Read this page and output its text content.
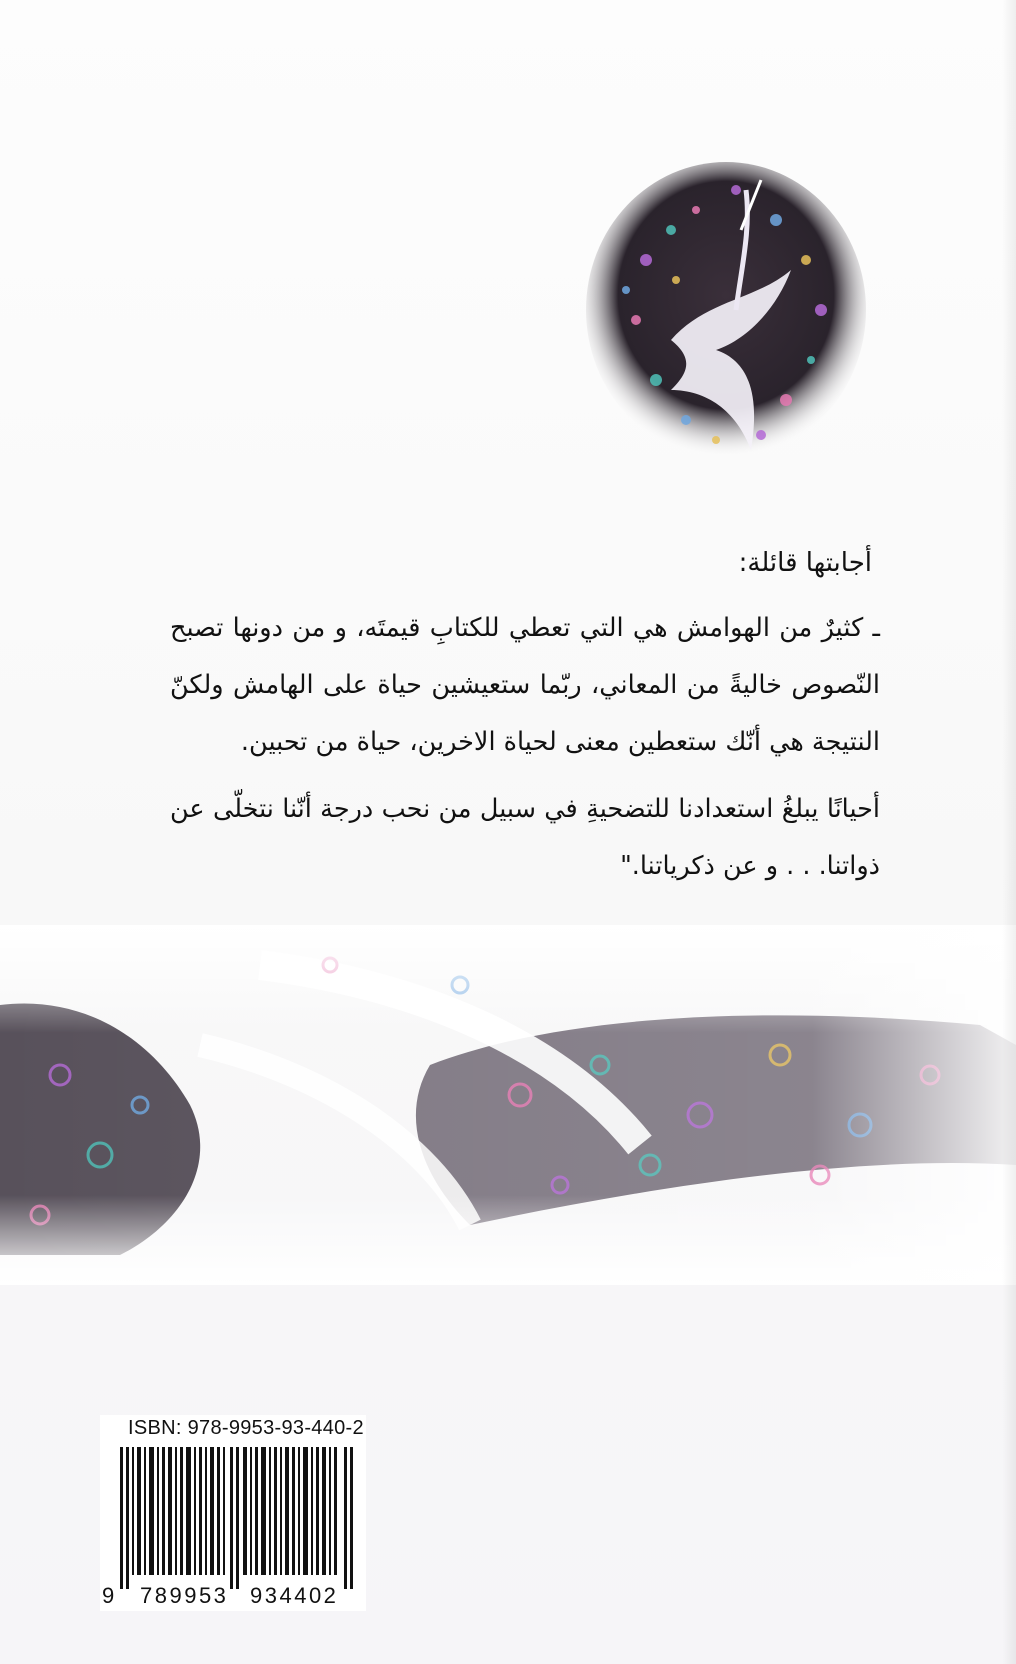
أجابتها قائلة:

ـ كثيرٌ من الهوامش هي التي تعطي للكتابِ قيمتَه، و من دونها تصبح النّصوص خاليةً من المعاني، ربّما ستعيشين حياة على الهامش ولكنّ النتيجة هي أنّك ستعطين معنى لحياة الاخرين، حياة من تحبين.

أحيانًا يبلغُ استعدادنا للتضحيةِ في سبيل من نحب درجة أنّنا نتخلّى عن ذواتنا. . . و عن ذكرياتنا."

ISBN: 978-9953-93-440-2
9 789953 934402
